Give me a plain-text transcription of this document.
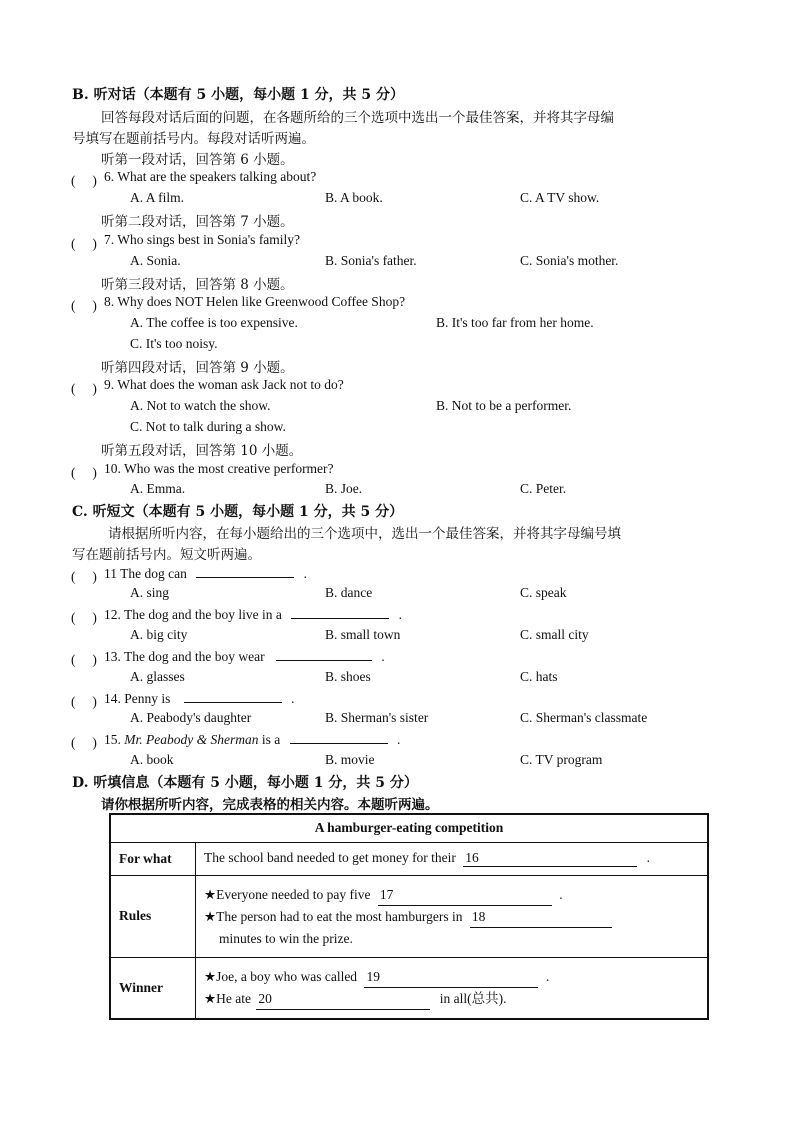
B. 听对话（本题有 5 小题，每小题 1 分，共 5 分）
回答每段对话后面的问题，在各题所给的三个选项中选出一个最佳答案，并将其字母编
号填写在题前括号内。每段对话听两遍。
听第一段对话，回答第 6 小题。
(　 ) 6. What are the speakers talking about?
A. A film.	B. A book.	C. A TV show.
听第二段对话，回答第 7 小题。
(　 ) 7. Who sings best in Sonia's family?
A. Sonia.	B. Sonia's father.	C. Sonia's mother.
听第三段对话，回答第 8 小题。
(　 ) 8. Why does NOT Helen like Greenwood Coffee Shop?
A. The coffee is too expensive.	B. It's too far from her home.
C. It's too noisy.
听第四段对话，回答第 9 小题。
(　 ) 9. What does the woman ask Jack not to do?
A. Not to watch the show.	B. Not to be a performer.
C. Not to talk during a show.
听第五段对话，回答第 10 小题。
(　 ) 10. Who was the most creative performer?
A. Emma.	B. Joe.	C. Peter.
C. 听短文（本题有 5 小题，每小题 1 分，共 5 分）
请根据所听内容，在每小题给出的三个选项中，选出一个最佳答案，并将其字母编号填
写在题前括号内。短文听两遍。
(　 ) 11 The dog can	.
A. sing	B. dance	C. speak
(　 ) 12. The dog and the boy live in a	.
A. big city	B. small town	C. small city
(　 ) 13. The dog and the boy wear	.
A. glasses	B. shoes	C. hats
(　 ) 14. Penny is	.
A. Peabody's daughter	B. Sherman's sister	C. Sherman's classmate
(　 ) 15. Mr. Peabody & Sherman is a	.
A. book	B. movie	C. TV program
D. 听填信息（本题有 5 小题，每小题 1 分，共 5 分）
请你根据所听内容，完成表格的相关内容。本题听两遍。
A hamburger-eating competition	
For what	The school band needed to get money for their 16 .
Rules	★Everyone needed to pay five 17 .
★The person had to eat the most hamburgers in 18
minutes to win the prize.

Winner	★Joe, a boy who was called 19 .
★He ate 20 in all(总共).
